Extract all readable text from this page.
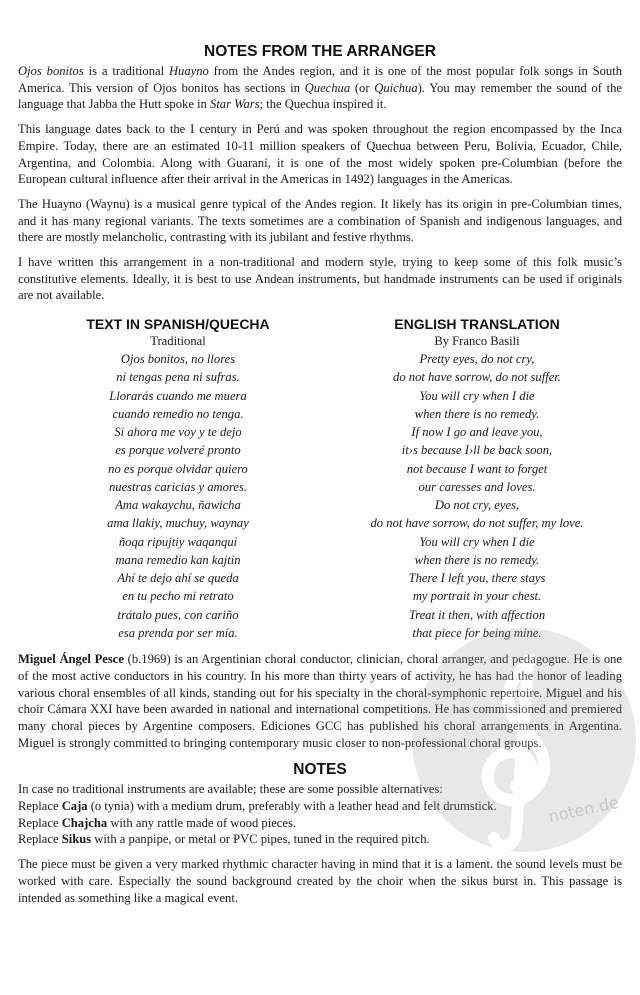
NOTES FROM THE ARRANGER

Ojos bonitos is a traditional Huayno from the Andes region, and it is one of the most popular folk songs in South America. This version of Ojos bonitos has sections in Quechua (or Quichua). You may remember the sound of the language that Jabba the Hutt spoke in Star Wars; the Quechua inspired it.

This language dates back to the I century in Perú and was spoken throughout the region encompassed by the Inca Empire. Today, there are an estimated 10-11 million speakers of Quechua between Peru, Bolivia, Ecuador, Chile, Argentina, and Colombia. Along with Guaraní, it is one of the most widely spoken pre-Columbian (before the European cultural influence after their arrival in the Americas in 1492) languages in the Americas.

The Huayno (Waynu) is a musical genre typical of the Andes region. It likely has its origin in pre-Columbian times, and it has many regional variants. The texts sometimes are a combination of Spanish and indigenous languages, and there are mostly melancholic, contrasting with its jubilant and festive rhythms.

I have written this arrangement in a non-traditional and modern style, trying to keep some of this folk music’s constitutive elements. Ideally, it is best to use Andean instruments, but handmade instruments can be used if originals are not available.

TEXT IN SPANISH/QUECHA
Traditional
Ojos bonitos, no llores
ni tengas pena ni sufras.
Llorarás cuando me muera
cuando remedio no tenga.
Si ahora me voy y te dejo
es porque volveré pronto
no es porque olvidar quiero
nuestras caricias y amores.
Ama wakaychu, ñawicha
ama llakiy, muchuy, waynay
ñoqa ripujtiy waqanqui
mana remedio kan kajtin
Ahí te dejo ahí se queda
en tu pecho mi retrato
trátalo pues, con cariño
esa prenda por ser mía.
ENGLISH TRANSLATION
By Franco Basili
Pretty eyes, do not cry,
do not have sorrow, do not suffer.
You will cry when I die
when there is no remedy.
If now I go and leave you,
it›s because I›ll be back soon,
not because I want to forget
our caresses and loves.
Do not cry, eyes,
do not have sorrow, do not suffer, my love.
You will cry when I die
when there is no remedy.
There I left you, there stays
my portrait in your chest.
Treat it then, with affection
that piece for being mine.

Miguel Ángel Pesce (b.1969) is an Argentinian choral conductor, clinician, choral arranger, and pedagogue. He is one of the most active conductors in his country. In his more than thirty years of activity, he has had the honor of leading various choral ensembles of all kinds, standing out for his specialty in the choral-symphonic repertoire. Miguel and his choir Cámara XXI have been awarded in national and international competitions. He has commissioned and premiered many choral pieces by Argentine composers. Ediciones GCC has published his choral arrangements in Argentina. Miguel is strongly committed to bringing contemporary music closer to non-professional choral groups.

NOTES

In case no traditional instruments are available; these are some possible alternatives:

Replace Caja (o tynia) with a medium drum, preferably with a leather head and felt drumstick.

Replace Chajcha with any rattle made of wood pieces.

Replace Sikus with a panpipe, or metal or PVC pipes, tuned in the required pitch.

The piece must be given a very marked rhythmic character having in mind that it is a lament. the sound levels must be worked with care. Especially the sound background created by the choir when the sikus burst in. This passage is intended as something like a magical event.

noten.de
